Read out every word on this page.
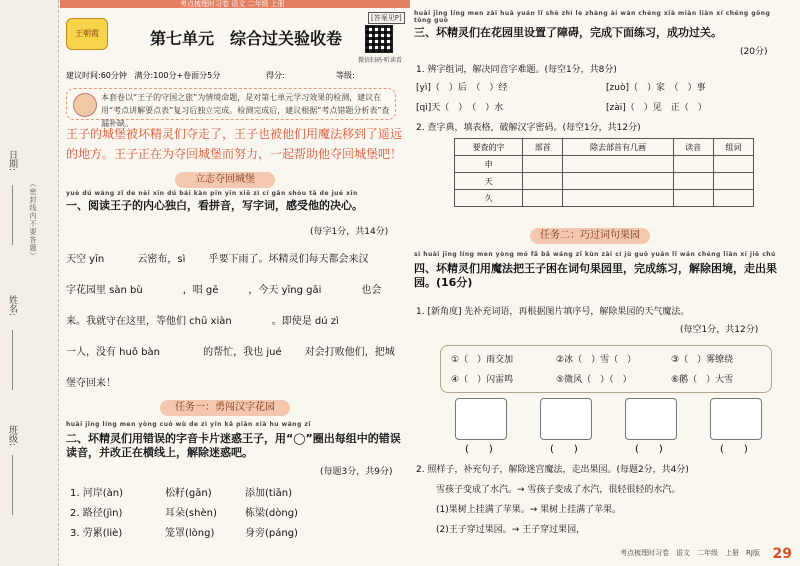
日期:
姓名:
班级:
（密封线内不要答题）
考点梳理时习卷 语文 二年级 上册
王朝霞	第七单元　综合过关验收卷
[答案见P]
微信扫码·听读看
建议时间:60分钟 满分:100分+卷面分5分	得分:	等级:
本套卷以“王子的守国之旅”为情境命题，是对第七单元学习效果的检测，建议在用“考点讲解要点表”复习后独立完成。检测完成后，建议根据“考点错题分析表”查漏补缺。
王子的城堡被坏精灵们夺走了，王子也被他们用魔法移到了遥远的地方。王子正在为夺回城堡而努力，一起帮助他夺回城堡吧！
立志夺回城堡
yuè dú wáng zǐ de nèi xīn dú bái kàn pīn yīn xiě zì cí gǎn shòu tā de jué xīn
一、阅读王子的内心独白，看拼音，写字词，感受他的决心。
(每字1分，共14分)
天空 yīn　　　 云密布，sì　　 乎要下雨了。坏精灵们每天都会来汉
字花园里 sàn bù　　　　，唱 gē　　　，今天 yīng gāi　　　　也会
来。我就守在这里，等他们 chū xiàn　　　　。即使是 dú zì　　　
一人，没有 huǒ bàn　　　　 的帮忙，我也 jué　　 对会打败他们，把城
堡夺回来！
任务一：勇闯汉字花园
huài jīng líng men yòng cuò wù de zì yīn kǎ piàn xià hu wáng zǐ
二、坏精灵们用错误的字音卡片迷惑王子，用“◯”圈出每组中的错误读音，并改正在横线上，解除迷惑吧。
(每题3分，共9分)
1. 河岸(àn)	松籽(gān)	添加(tiān)
2. 路径(jìn)	耳朵(shèn)	栋梁(dòng)
3. 劳累(liè)	笼罩(lòng)	身旁(páng)
huài jīng líng men zài huā yuán lǐ shè zhì le zhàng ài wán chéng xià miàn liàn xí chéng gōng tōng guò
三、坏精灵们在花园里设置了障碍，完成下面练习，成功过关。
(20分)
1. 辨字组词，解决同音字难题。(每空1分，共8分)
[yì]（　）后　（　）经	[zuò]（　）家　（　）事
[qì]天（　）　（　）水	[zài]（　）见　正（　）
2. 查字典，填表格，破解汉字密码。(每空1分，共12分)
要查的字	部首	除去部首有几画	读音	组词
申				
天				
久				
任务二：巧过词句果园
sì huài jīng líng men yòng mó fǎ bǎ wáng zǐ kùn zài cí jù guǒ yuán lǐ wán chéng liàn xí jiě chú
四、坏精灵们用魔法把王子困在词句果园里，完成练习，解除困境，走出果园。(16分)
1. [新角度] 先补充词语，再根据图片填序号，解除果园的天气魔法。
(每空1分，共12分)
①（　）雨交加	②冰（　）雪（　）	③（　）雾缭绕
④（　）闪雷鸣	⑤微风（　）（　）	⑥鹅（　）大雪
(　　)	(　　)	(　　)	(　　)
2. 照样子，补充句子，解除迷宫魔法，走出果园。(每题2分，共4分)
雪孩子变成了水汽。→ 雪孩子变成了水汽，很轻很轻的水汽。
(1)果树上挂满了苹果。→ 果树上挂满了苹果。
(2)王子穿过果园。→ 王子穿过果园，
考点梳理时习卷　语文　二年级　上册　RJ版 29
